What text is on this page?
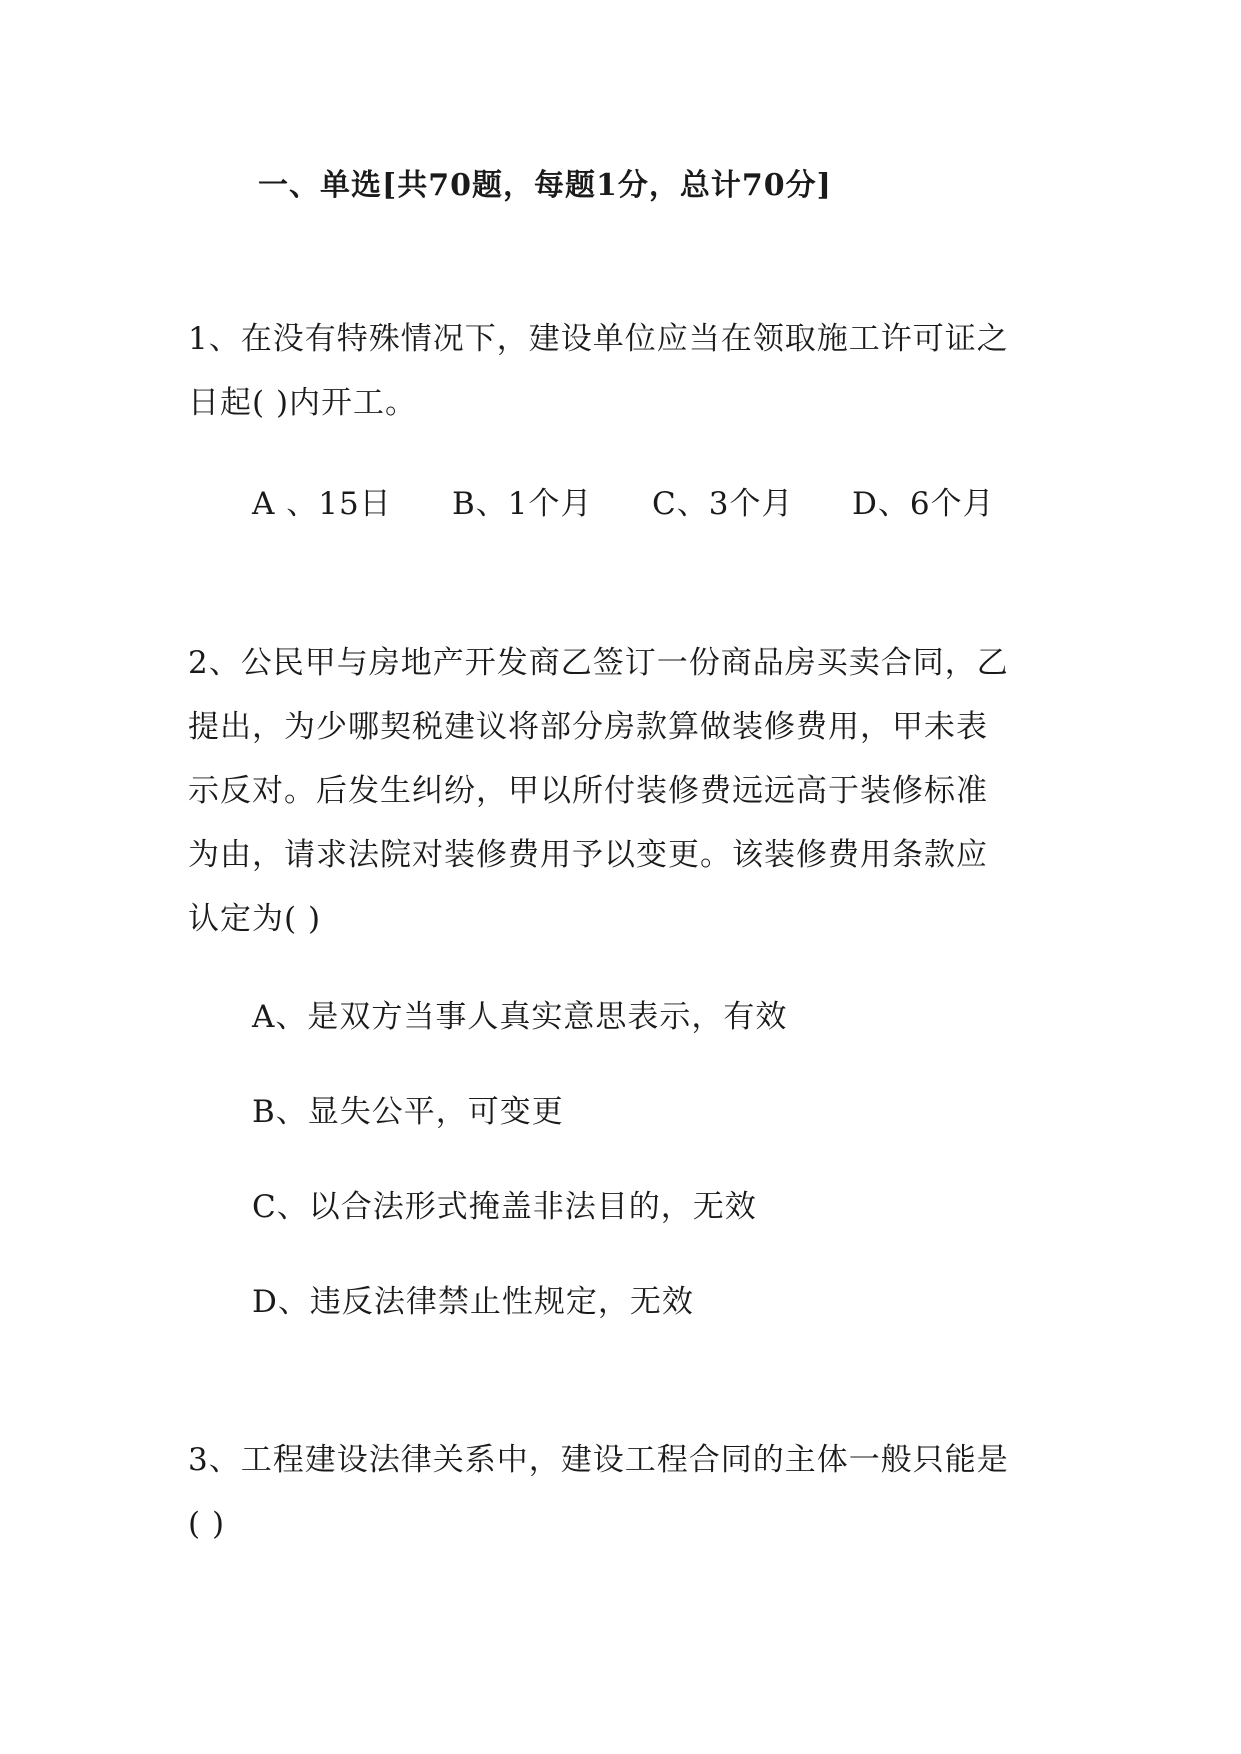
一、单选[共70题，每题1分，总计70分]
1、在没有特殊情况下，建设单位应当在领取施工许可证之
日起( )内开工。
A 、15日 B、1个月 C、3个月 D、6个月
2、公民甲与房地产开发商乙签订一份商品房买卖合同，乙
提出，为少哪契税建议将部分房款算做装修费用，甲未表
示反对。后发生纠纷，甲以所付装修费远远高于装修标准
为由，请求法院对装修费用予以变更。该装修费用条款应
认定为( )
A、是双方当事人真实意思表示，有效
B、显失公平，可变更
C、以合法形式掩盖非法目的，无效
D、违反法律禁止性规定，无效
3、工程建设法律关系中，建设工程合同的主体一般只能是
( )
